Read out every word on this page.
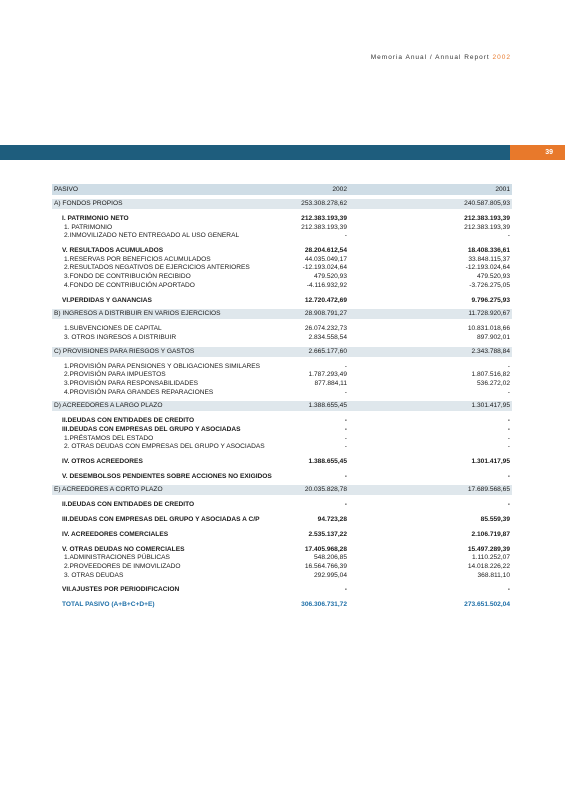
Memoria Anual / Annual Report 2002
39
PASIVO	2002	2001
A) FONDOS PROPIOS	253.308.278,62	240.587.805,93
I. PATRIMONIO NETO	212.383.193,39	212.383.193,39
1. PATRIMONIO	212.383.193,39	212.383.193,39
2.INMOVILIZADO NETO ENTREGADO AL USO GENERAL	-	-
V. RESULTADOS ACUMULADOS	28.204.612,54	18.408.336,61
1.RESERVAS POR BENEFICIOS ACUMULADOS	44.035.049,17	33.848.115,37
2.RESULTADOS NEGATIVOS DE EJERCICIOS ANTERIORES	-12.193.024,64	-12.193.024,64
3.FONDO DE CONTRIBUCIÓN RECIBIDO	479.520,93	479.520,93
4.FONDO DE CONTRIBUCIÓN APORTADO	-4.116.932,92	-3.726.275,05
VI.PERDIDAS Y GANANCIAS	12.720.472,69	9.796.275,93
B) INGRESOS A DISTRIBUIR EN VARIOS EJERCICIOS	28.908.791,27	11.728.920,67
1.SUBVENCIONES DE CAPITAL	26.074.232,73	10.831.018,66
3. OTROS INGRESOS A DISTRIBUIR	2.834.558,54	897.902,01
C) PROVISIONES PARA RIESGOS Y GASTOS	2.665.177,60	2.343.788,84
1.PROVISIÓN PARA PENSIONES Y OBLIGACIONES SIMILARES	-	-
2.PROVISIÓN PARA IMPUESTOS	1.787.293,49	1.807.516,82
3.PROVISIÓN PARA RESPONSABILIDADES	877.884,11	536.272,02
4.PROVISIÓN PARA GRANDES REPARACIONES	-	-
D) ACREEDORES A LARGO PLAZO	1.388.655,45	1.301.417,95
II.DEUDAS CON ENTIDADES DE CREDITO	-	-
III.DEUDAS CON EMPRESAS DEL GRUPO Y ASOCIADAS	-	-
1.PRÉSTAMOS DEL ESTADO	-	-
2. OTRAS DEUDAS CON EMPRESAS DEL GRUPO Y ASOCIADAS	-	-
IV. OTROS ACREEDORES	1.388.655,45	1.301.417,95
V. DESEMBOLSOS PENDIENTES SOBRE ACCIONES NO EXIGIDOS	-	-
E) ACREEDORES A CORTO PLAZO	20.035.828,78	17.689.568,65
II.DEUDAS CON ENTIDADES DE CREDITO	-	-
III.DEUDAS CON EMPRESAS DEL GRUPO Y ASOCIADAS A C/P	94.723,28	85.559,39
IV. ACREEDORES COMERCIALES	2.535.137,22	2.106.719,87
V. OTRAS DEUDAS NO COMERCIALES	17.405.968,28	15.497.289,39
1.ADMINISTRACIONES PÚBLICAS	548.206,85	1.110.252,07
2.PROVEEDORES DE INMOVILIZADO	16.564.766,39	14.018.226,22
3. OTRAS DEUDAS	292.995,04	368.811,10
VII.AJUSTES POR PERIODIFICACION	-	-
TOTAL PASIVO (A+B+C+D+E)	306.306.731,72	273.651.502,04
